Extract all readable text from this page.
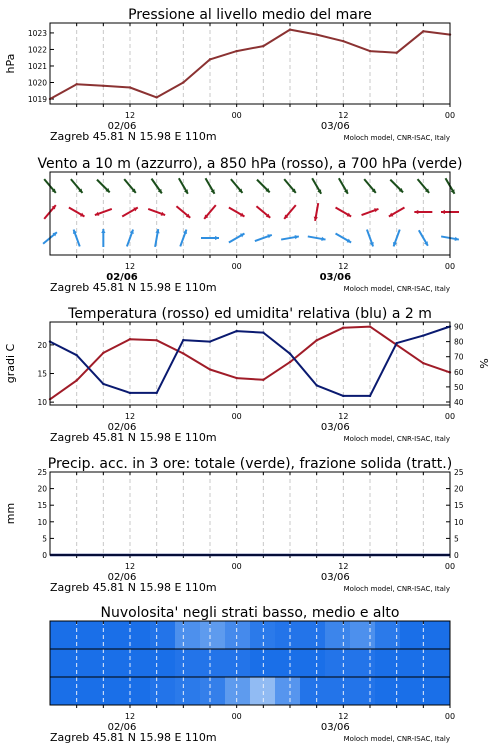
Pressione al livello medio del mare
12	00	12	00
02/06	03/06
Zagreb 45.81 N 15.98 E 110m	Moloch model, CNR-ISAC, Italy
1019
1020
1021
1022
1023
hPa
Vento a 10 m (azzurro), a 850 hPa (rosso), a 700 hPa (verde)
12	00	12	00
02/06	03/06
Zagreb 45.81 N 15.98 E 110m	Moloch model, CNR-ISAC, Italy
Temperatura (rosso) ed umidita' relativa (blu) a 2 m
12	00	12	00
02/06	03/06
Zagreb 45.81 N 15.98 E 110m	Moloch model, CNR-ISAC, Italy
10
15
20
40
50
60
70
80
90
gradi C	%
Precip. acc. in 3 ore: totale (verde), frazione solida (tratt.)
12	00	12	00
02/06	03/06
Zagreb 45.81 N 15.98 E 110m	Moloch model, CNR-ISAC, Italy
0
5
10
15
20
25
0
5
10
15
20
25
mm
Nuvolosita' negli strati basso, medio e alto
12	00	12	00
02/06	03/06
Zagreb 45.81 N 15.98 E 110m	Moloch model, CNR-ISAC, Italy
